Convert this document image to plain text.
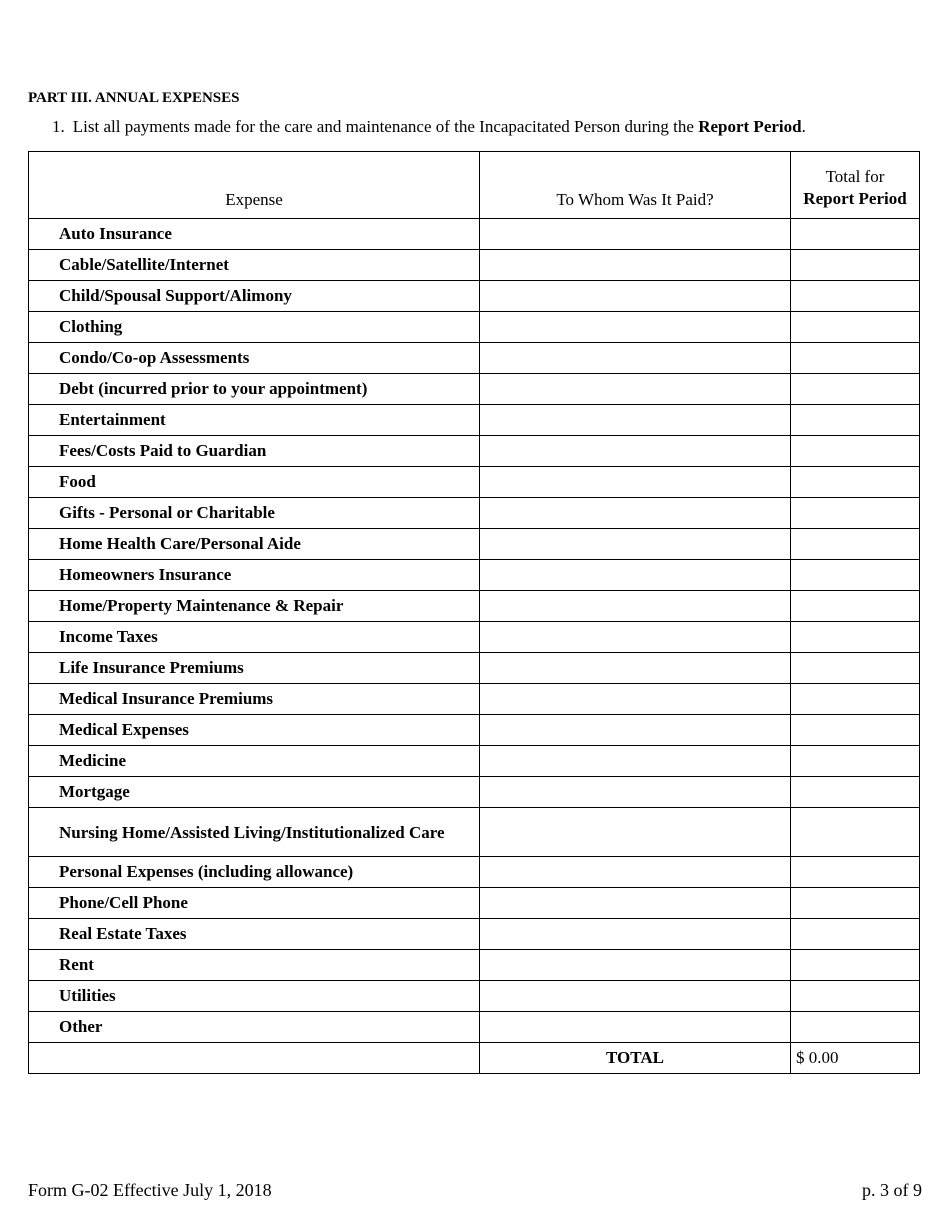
PART III. ANNUAL EXPENSES
1. List all payments made for the care and maintenance of the Incapacitated Person during the Report Period.
Expense	To Whom Was It Paid?	Total for
Report Period
Auto Insurance		
Cable/Satellite/Internet		
Child/Spousal Support/Alimony		
Clothing		
Condo/Co-op Assessments		
Debt (incurred prior to your appointment)		
Entertainment		
Fees/Costs Paid to Guardian		
Food		
Gifts - Personal or Charitable		
Home Health Care/Personal Aide		
Homeowners Insurance		
Home/Property Maintenance & Repair		
Income Taxes		
Life Insurance Premiums		
Medical Insurance Premiums		
Medical Expenses		
Medicine		
Mortgage		
Nursing Home/Assisted Living/Institutionalized Care		
Personal Expenses (including allowance)		
Phone/Cell Phone		
Real Estate Taxes		
Rent		
Utilities		
Other		
	TOTAL	$ 0.00
Form G-02 Effective July 1, 2018	p. 3 of 9
